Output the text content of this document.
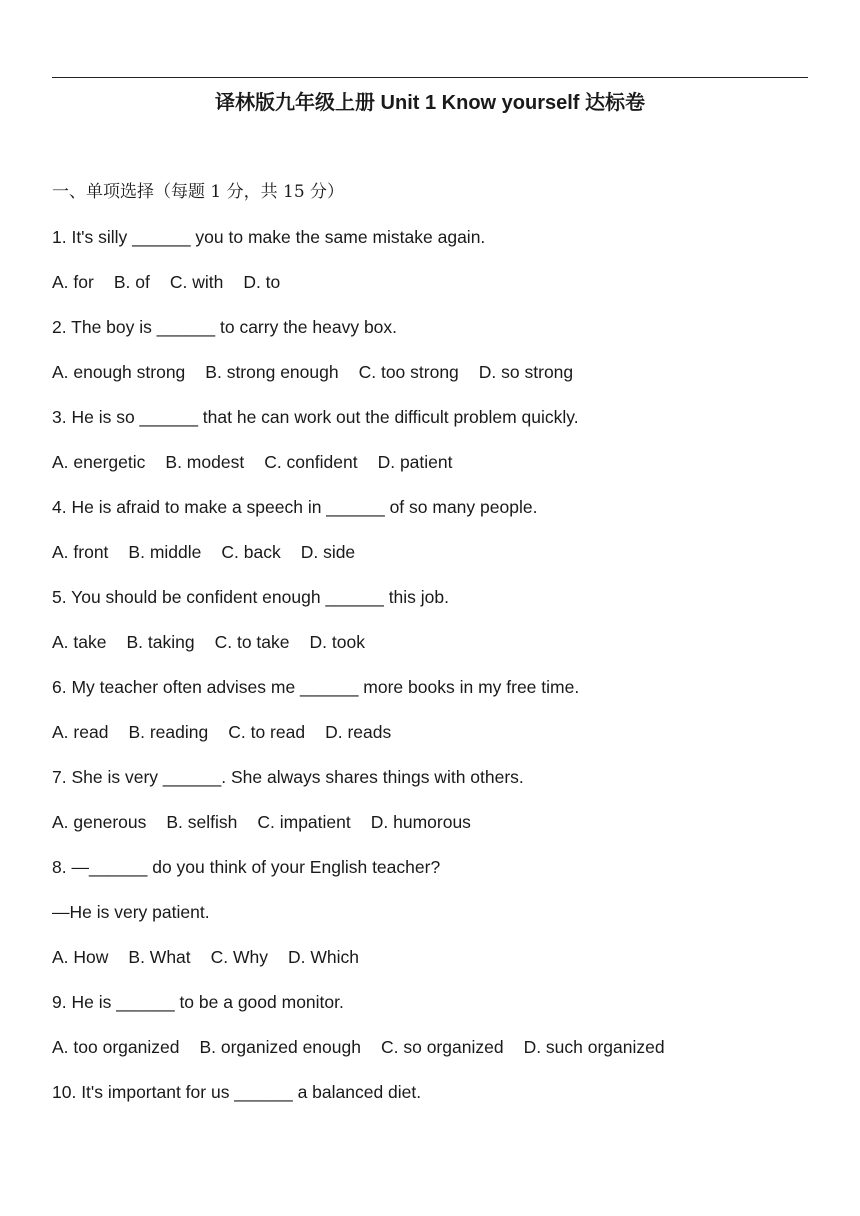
译林版九年级上册 Unit 1 Know yourself 达标卷
一、单项选择（每题 1 分，共 15 分）
1. It's silly ______ you to make the same mistake again.
A. for B. of C. with D. to
2. The boy is ______ to carry the heavy box.
A. enough strong B. strong enough C. too strong D. so strong
3. He is so ______ that he can work out the difficult problem quickly.
A. energetic B. modest C. confident D. patient
4. He is afraid to make a speech in ______ of so many people.
A. front B. middle C. back D. side
5. You should be confident enough ______ this job.
A. take B. taking C. to take D. took
6. My teacher often advises me ______ more books in my free time.
A. read B. reading C. to read D. reads
7. She is very ______. She always shares things with others.
A. generous B. selfish C. impatient D. humorous
8. —______ do you think of your English teacher?
—He is very patient.
A. How B. What C. Why D. Which
9. He is ______ to be a good monitor.
A. too organized B. organized enough C. so organized D. such organized
10. It's important for us ______ a balanced diet.
